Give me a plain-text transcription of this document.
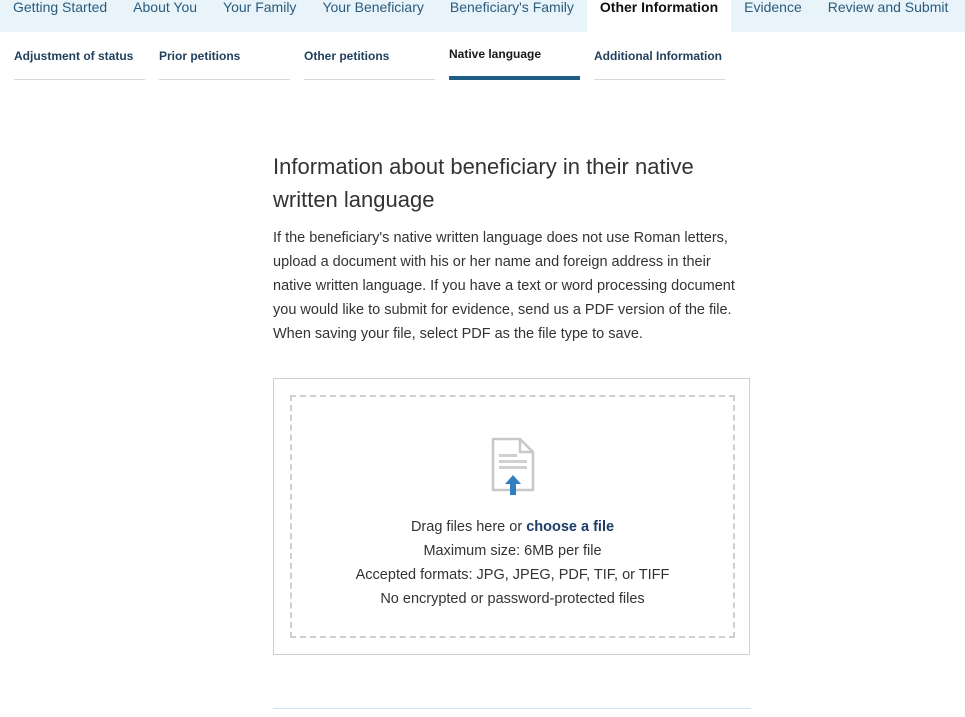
Getting Started	About You	Your Family	Your Beneficiary	Beneficiary's Family	Other Information	Evidence	Review and Submit
Adjustment of status	Prior petitions	Other petitions	Native language	Additional Information
Information about beneficiary in their native written language

If the beneficiary's native written language does not use Roman letters, upload a document with his or her name and foreign address in their native written language. If you have a text or word processing document you would like to submit for evidence, send us a PDF version of the file. When saving your file, select PDF as the file type to save.

Drag files here or choose a file
Maximum size: 6MB per file
Accepted formats: JPG, JPEG, PDF, TIF, or TIFF
No encrypted or password-protected files
